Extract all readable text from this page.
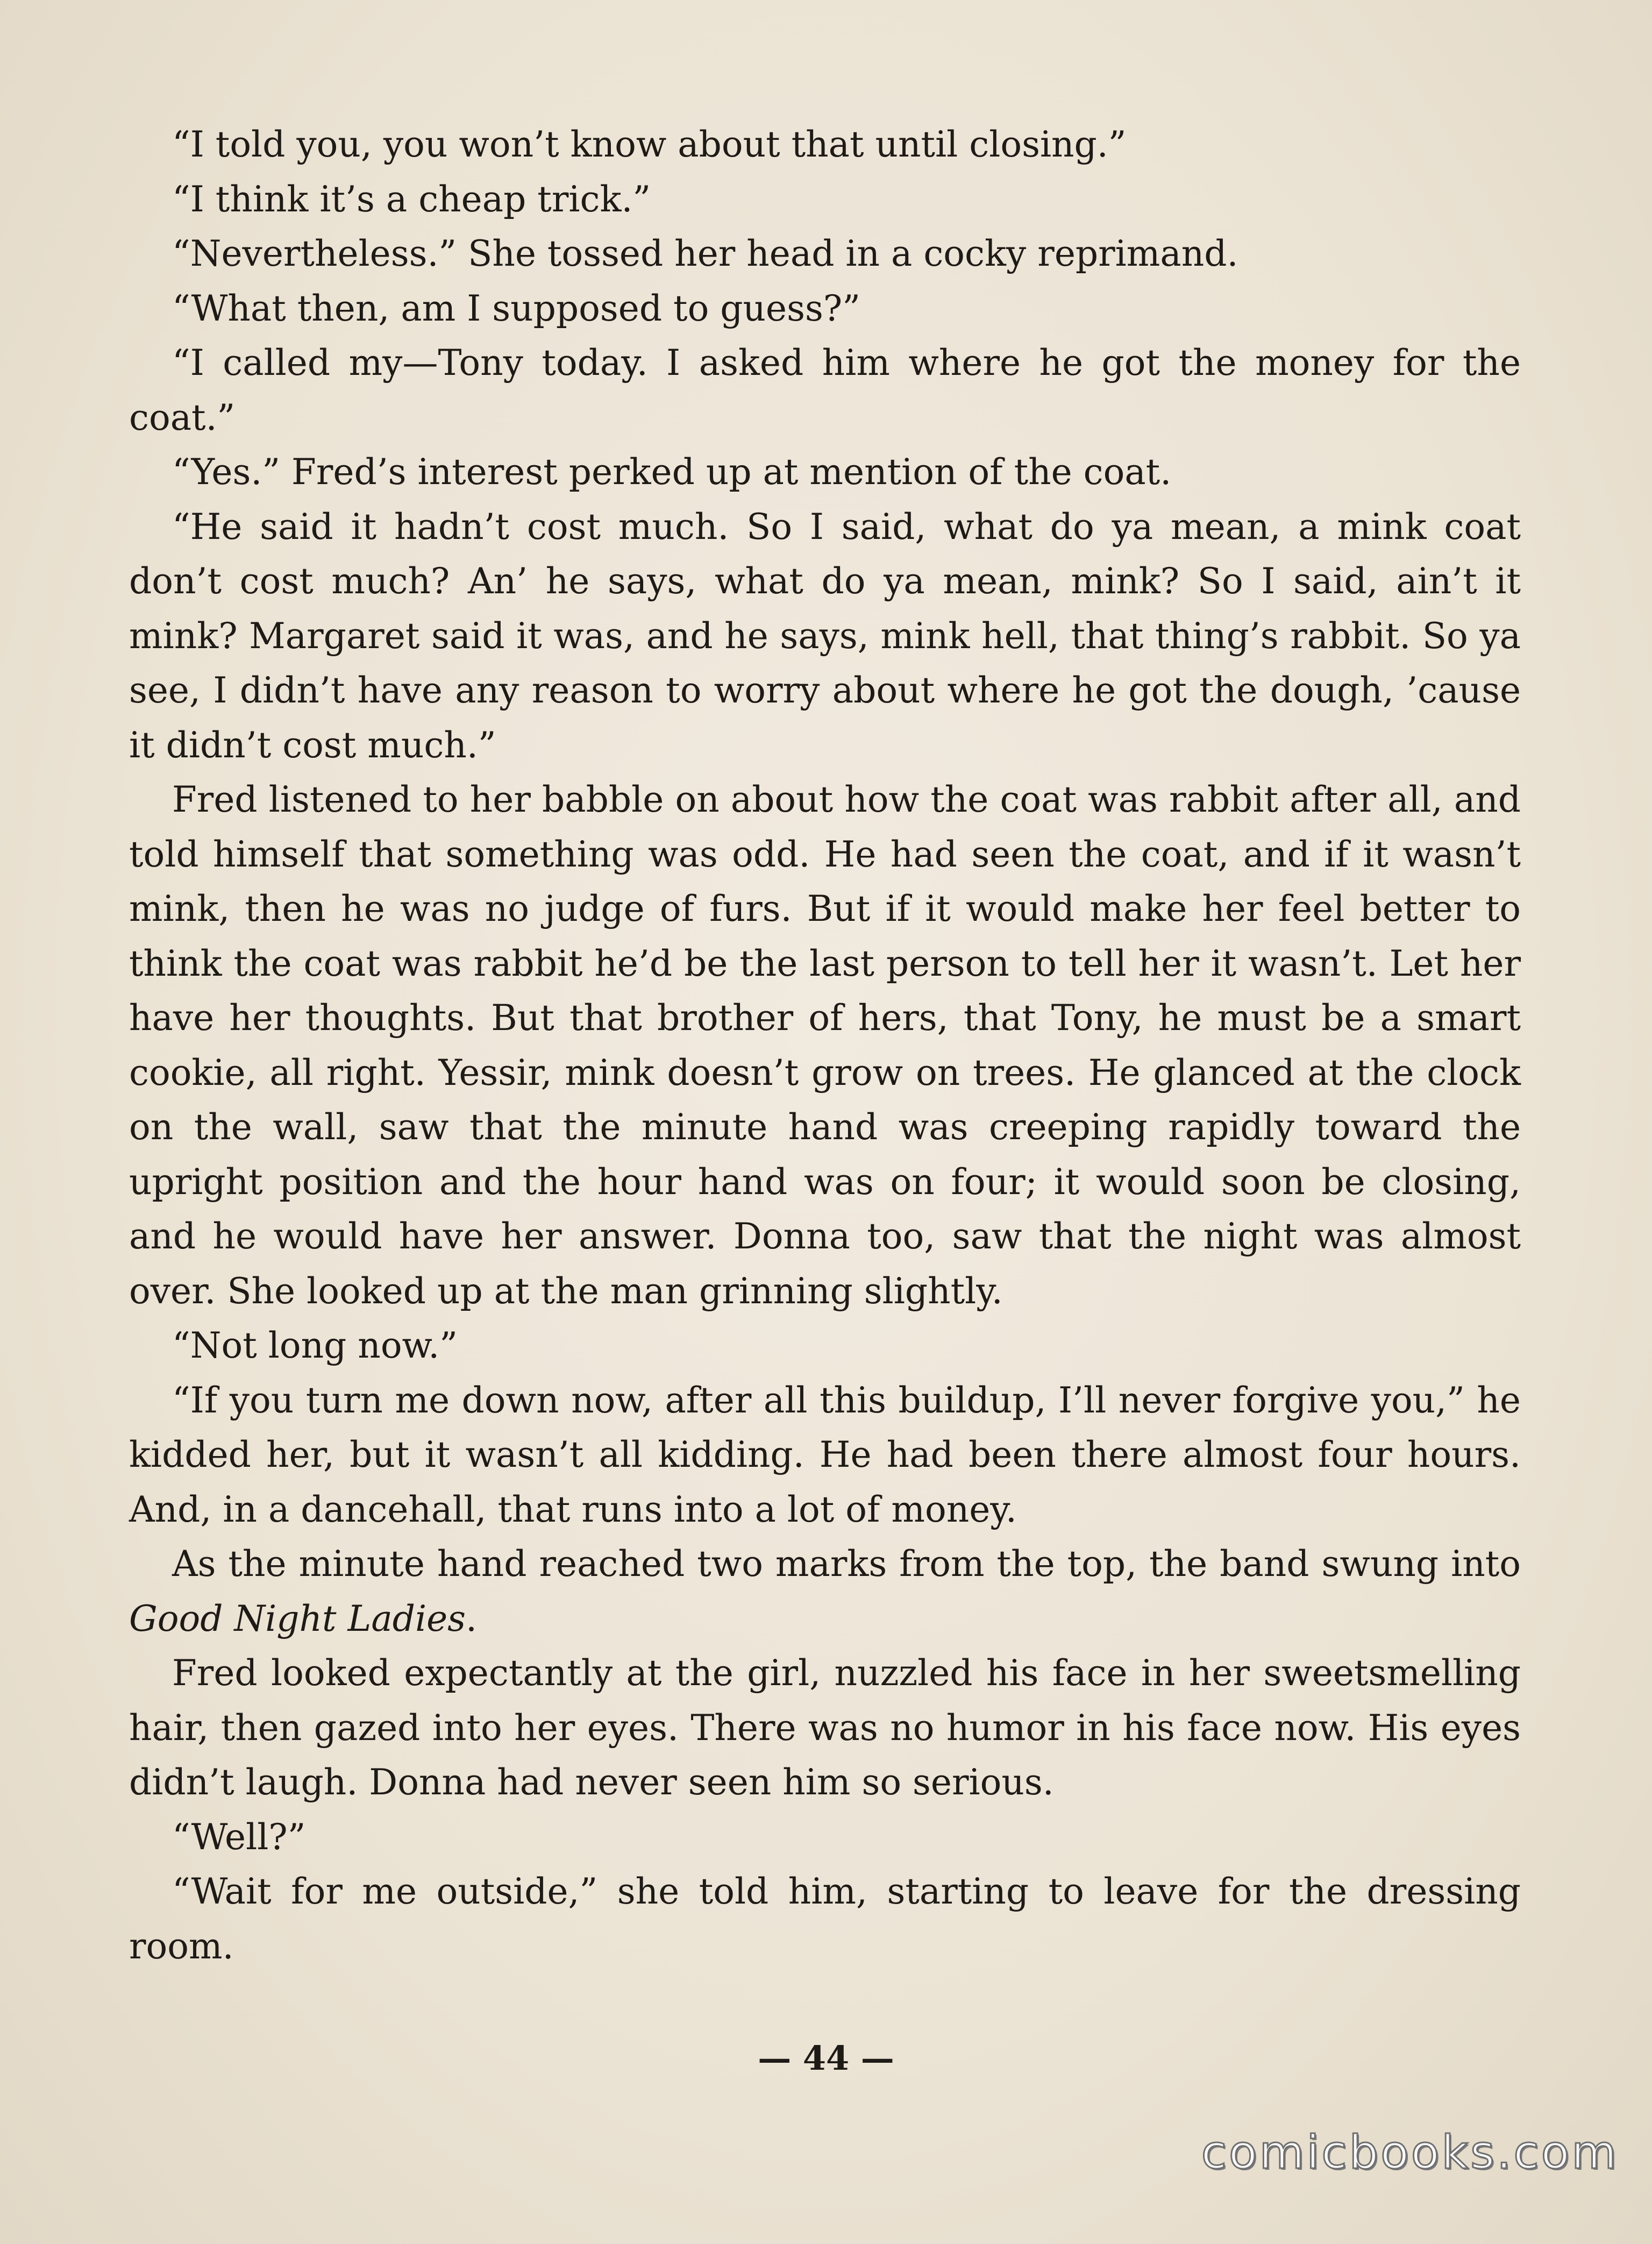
“I told you, you won’t know about that until closing.”

“I think it’s a cheap trick.”

“Nevertheless.” She tossed her head in a cocky reprimand.

“What then, am I supposed to guess?”

“I called my—Tony today. I asked him where he got the money for the coat.”

“Yes.” Fred’s interest perked up at mention of the coat.

“He said it hadn’t cost much. So I said, what do ya mean, a mink coat don’t cost much? An’ he says, what do ya mean, mink? So I said, ain’t it mink? Margaret said it was, and he says, mink hell, that thing’s rabbit. So ya see, I didn’t have any reason to worry about where he got the dough, ’cause it didn’t cost much.”

Fred listened to her babble on about how the coat was rabbit after all, and told himself that something was odd. He had seen the coat, and if it wasn’t mink, then he was no judge of furs. But if it would make her feel better to think the coat was rabbit he’d be the last person to tell her it wasn’t. Let her have her thoughts. But that brother of hers, that Tony, he must be a smart cookie, all right. Yessir, mink doesn’t grow on trees. He glanced at the clock on the wall, saw that the minute hand was creeping rapidly toward the upright position and the hour hand was on four; it would soon be closing, and he would have her answer. Donna too, saw that the night was almost over. She looked up at the man grinning slightly.

“Not long now.”

“If you turn me down now, after all this buildup, I’ll never forgive you,” he kidded her, but it wasn’t all kidding. He had been there almost four hours. And, in a dancehall, that runs into a lot of money.

As the minute hand reached two marks from the top, the band swung into Good Night Ladies.

Fred looked expectantly at the girl, nuzzled his face in her sweetsmelling hair, then gazed into her eyes. There was no humor in his face now. His eyes didn’t laugh. Donna had never seen him so serious.

“Well?”

“Wait for me outside,” she told him, starting to leave for the dressing room.

— 44 —
comicbooks.com
